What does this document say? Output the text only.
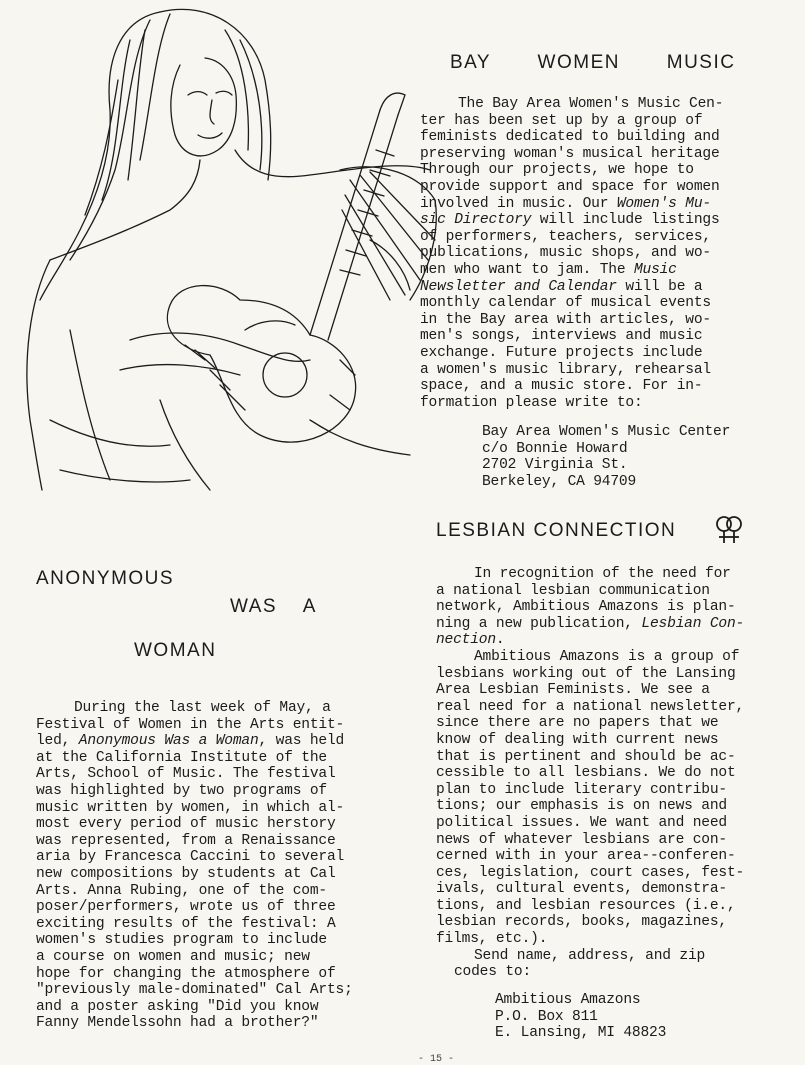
BAY WOMEN MUSIC

The Bay Area Women's Music Cen-

ter has been set up by a group of

feminists dedicated to building and

preserving woman's musical heritage

Through our projects, we hope to

provide support and space for women

involved in music. Our Women's Mu-

sic Directory will include listings

of performers, teachers, services,

publications, music shops, and wo-

men who want to jam. The Music

Newsletter and Calendar will be a

monthly calendar of musical events

in the Bay area with articles, wo-

men's songs, interviews and music

exchange. Future projects include

a women's music library, rehearsal

space, and a music store. For in-

formation please write to:

Bay Area Women's Music Center

c/o Bonnie Howard

2702 Virginia St.

Berkeley, CA 94709

LESBIAN CONNECTION

In recognition of the need for

a national lesbian communication

network, Ambitious Amazons is plan-

ning a new publication, Lesbian Con-

nection.

Ambitious Amazons is a group of

lesbians working out of the Lansing

Area Lesbian Feminists. We see a

real need for a national newsletter,

since there are no papers that we

know of dealing with current news

that is pertinent and should be ac-

cessible to all lesbians. We do not

plan to include literary contribu-

tions; our emphasis is on news and

political issues. We want and need

news of whatever lesbians are con-

cerned with in your area--conferen-

ces, legislation, court cases, fest-

ivals, cultural events, demonstra-

tions, and lesbian resources (i.e.,

lesbian records, books, magazines,

films, etc.).

Send name, address, and zip

codes to:

Ambitious Amazons

P.O. Box 811

E. Lansing, MI 48823

ANONYMOUS
WAS A
WOMAN

During the last week of May, a

Festival of Women in the Arts entit-

led, Anonymous Was a Woman, was held

at the California Institute of the

Arts, School of Music. The festival

was highlighted by two programs of

music written by women, in which al-

most every period of music herstory

was represented, from a Renaissance

aria by Francesca Caccini to several

new compositions by students at Cal

Arts. Anna Rubing, one of the com-

poser/performers, wrote us of three

exciting results of the festival: A

women's studies program to include

a course on women and music; new

hope for changing the atmosphere of

"previously male-dominated" Cal Arts;

and a poster asking "Did you know

Fanny Mendelssohn had a brother?"

- 15 -
